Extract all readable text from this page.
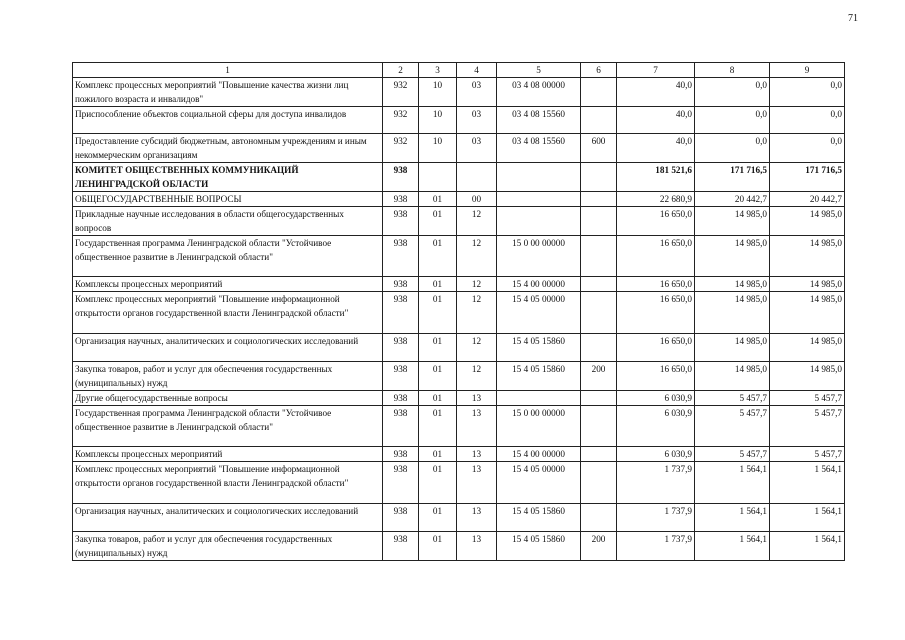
71
1	2	3	4	5	6	7	8	9
Комплекс процессных мероприятий "Повышение качества жизни лиц пожилого возраста и инвалидов"	932	10	03	03 4 08 00000		40,0	0,0	0,0
Приспособление объектов социальной сферы для доступа инвалидов	932	10	03	03 4 08 15560		40,0	0,0	0,0
Предоставление субсидий бюджетным, автономным учреждениям и иным некоммерческим организациям	932	10	03	03 4 08 15560	600	40,0	0,0	0,0
КОМИТЕТ ОБЩЕСТВЕННЫХ КОММУНИКАЦИЙ ЛЕНИНГРАДСКОЙ ОБЛАСТИ	938					181 521,6	171 716,5	171 716,5
ОБЩЕГОСУДАРСТВЕННЫЕ ВОПРОСЫ	938	01	00			22 680,9	20 442,7	20 442,7
Прикладные научные исследования в области общегосударственных вопросов	938	01	12			16 650,0	14 985,0	14 985,0
Государственная программа Ленинградской области "Устойчивое общественное развитие в Ленинградской области"	938	01	12	15 0 00 00000		16 650,0	14 985,0	14 985,0
Комплексы процессных мероприятий	938	01	12	15 4 00 00000		16 650,0	14 985,0	14 985,0
Комплекс процессных мероприятий "Повышение информационной открытости органов государственной власти Ленинградской области"	938	01	12	15 4 05 00000		16 650,0	14 985,0	14 985,0
Организация научных, аналитических и социологических исследований	938	01	12	15 4 05 15860		16 650,0	14 985,0	14 985,0
Закупка товаров, работ и услуг для обеспечения государственных (муниципальных) нужд	938	01	12	15 4 05 15860	200	16 650,0	14 985,0	14 985,0
Другие общегосударственные вопросы	938	01	13			6 030,9	5 457,7	5 457,7
Государственная программа Ленинградской области "Устойчивое общественное развитие в Ленинградской области"	938	01	13	15 0 00 00000		6 030,9	5 457,7	5 457,7
Комплексы процессных мероприятий	938	01	13	15 4 00 00000		6 030,9	5 457,7	5 457,7
Комплекс процессных мероприятий "Повышение информационной открытости органов государственной власти Ленинградской области"	938	01	13	15 4 05 00000		1 737,9	1 564,1	1 564,1
Организация научных, аналитических и социологических исследований	938	01	13	15 4 05 15860		1 737,9	1 564,1	1 564,1
Закупка товаров, работ и услуг для обеспечения государственных (муниципальных) нужд	938	01	13	15 4 05 15860	200	1 737,9	1 564,1	1 564,1
